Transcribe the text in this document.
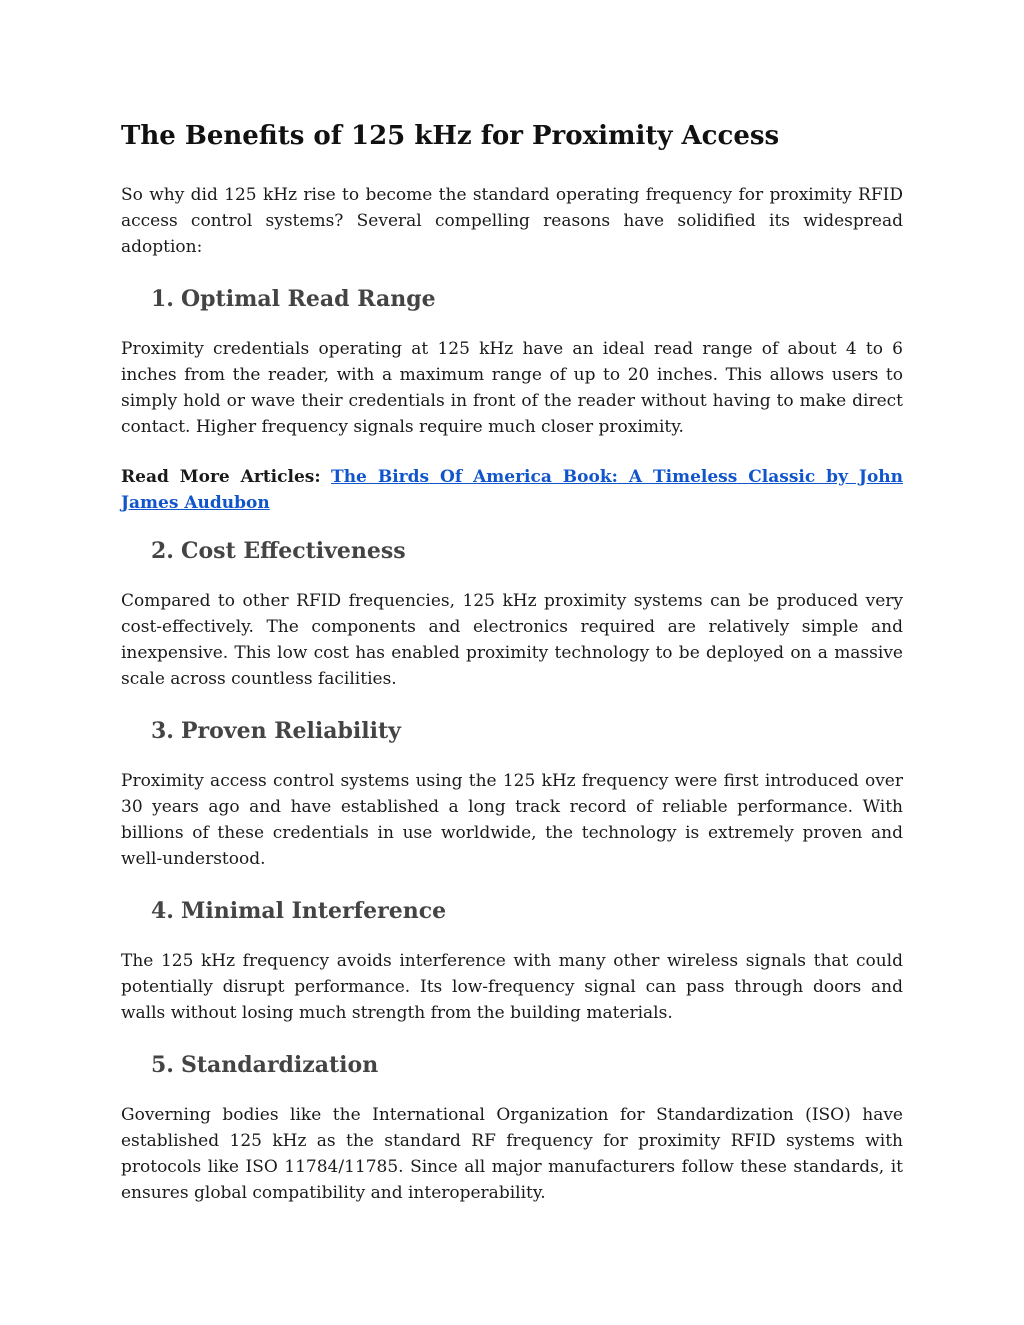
The Benefits of 125 kHz for Proximity Access

So why did 125 kHz rise to become the standard operating frequency for proximity RFID access control systems? Several compelling reasons have solidified its widespread adoption:

1. Optimal Read Range

Proximity credentials operating at 125 kHz have an ideal read range of about 4 to 6 inches from the reader, with a maximum range of up to 20 inches. This allows users to simply hold or wave their credentials in front of the reader without having to make direct contact. Higher frequency signals require much closer proximity.

Read More Articles: The Birds Of America Book: A Timeless Classic by John James Audubon

2. Cost Effectiveness

Compared to other RFID frequencies, 125 kHz proximity systems can be produced very cost-effectively. The components and electronics required are relatively simple and inexpensive. This low cost has enabled proximity technology to be deployed on a massive scale across countless facilities.

3. Proven Reliability

Proximity access control systems using the 125 kHz frequency were first introduced over 30 years ago and have established a long track record of reliable performance. With billions of these credentials in use worldwide, the technology is extremely proven and well-understood.

4. Minimal Interference

The 125 kHz frequency avoids interference with many other wireless signals that could potentially disrupt performance. Its low-frequency signal can pass through doors and walls without losing much strength from the building materials.

5. Standardization

Governing bodies like the International Organization for Standardization (ISO) have established 125 kHz as the standard RF frequency for proximity RFID systems with protocols like ISO 11784/11785. Since all major manufacturers follow these standards, it ensures global compatibility and interoperability.
